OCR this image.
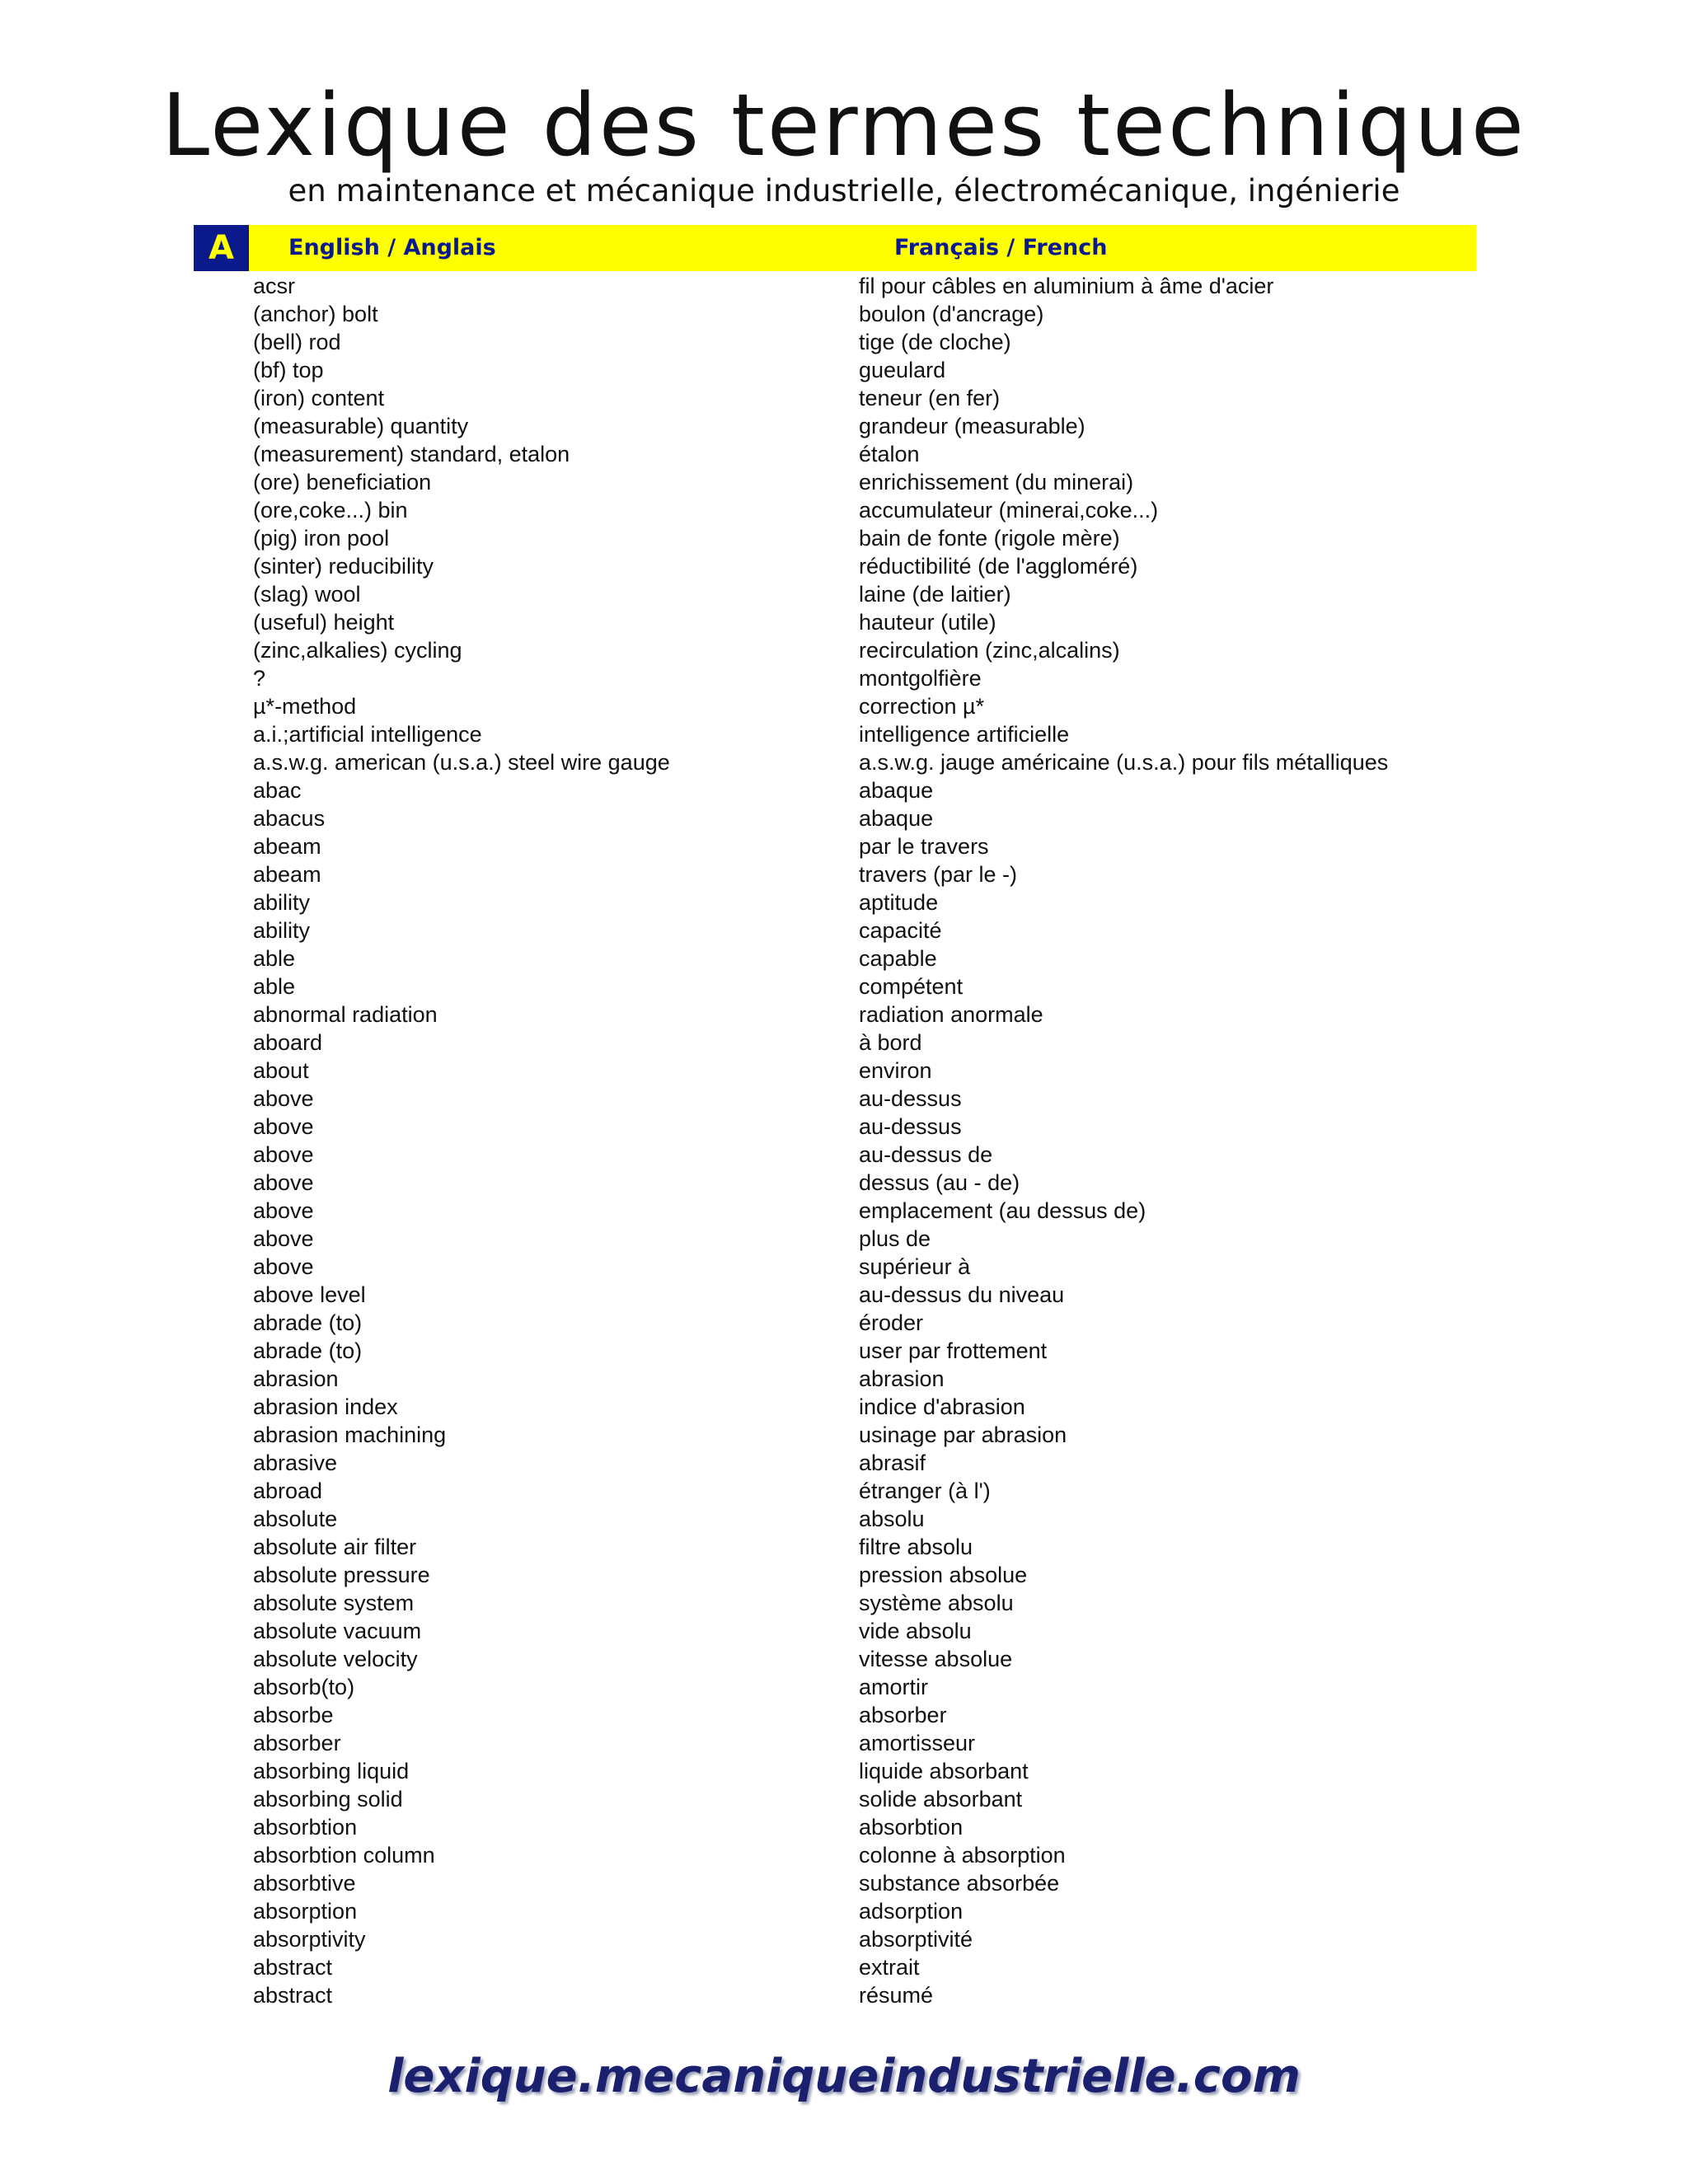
Lexique des termes technique
en maintenance et mécanique industrielle, électromécanique, ingénierie
A	English / Anglais	Français / French
acsr	fil pour câbles en aluminium à âme d'acier
(anchor) bolt	boulon (d'ancrage)
(bell) rod	tige (de cloche)
(bf) top	gueulard
(iron) content	teneur (en fer)
(measurable) quantity	grandeur (measurable)
(measurement) standard, etalon	étalon
(ore) beneficiation	enrichissement (du minerai)
(ore,coke...) bin	accumulateur (minerai,coke...)
(pig) iron pool	bain de fonte (rigole mère)
(sinter) reducibility	réductibilité (de l'aggloméré)
(slag) wool	laine (de laitier)
(useful) height	hauteur (utile)
(zinc,alkalies) cycling	recirculation (zinc,alcalins)
?	montgolfière
µ*-method	correction µ*
a.i.;artificial intelligence	intelligence artificielle
a.s.w.g. american (u.s.a.) steel wire gauge	a.s.w.g. jauge américaine (u.s.a.) pour fils métalliques
abac	abaque
abacus	abaque
abeam	par le travers
abeam	travers (par le -)
ability	aptitude
ability	capacité
able	capable
able	compétent
abnormal radiation	radiation anormale
aboard	à bord
about	environ
above	au-dessus
above	au-dessus
above	au-dessus de
above	dessus (au - de)
above	emplacement (au dessus de)
above	plus de
above	supérieur à
above level	au-dessus du niveau
abrade (to)	éroder
abrade (to)	user par frottement
abrasion	abrasion
abrasion index	indice d'abrasion
abrasion machining	usinage par abrasion
abrasive	abrasif
abroad	étranger (à l')
absolute	absolu
absolute air filter	filtre absolu
absolute pressure	pression absolue
absolute system	système absolu
absolute vacuum	vide absolu
absolute velocity	vitesse absolue
absorb(to)	amortir
absorbe	absorber
absorber	amortisseur
absorbing liquid	liquide absorbant
absorbing solid	solide absorbant
absorbtion	absorbtion
absorbtion column	colonne à absorption
absorbtive	substance absorbée
absorption	adsorption
absorptivity	absorptivité
abstract	extrait
abstract	résumé
lexique.mecaniqueindustrielle.com
